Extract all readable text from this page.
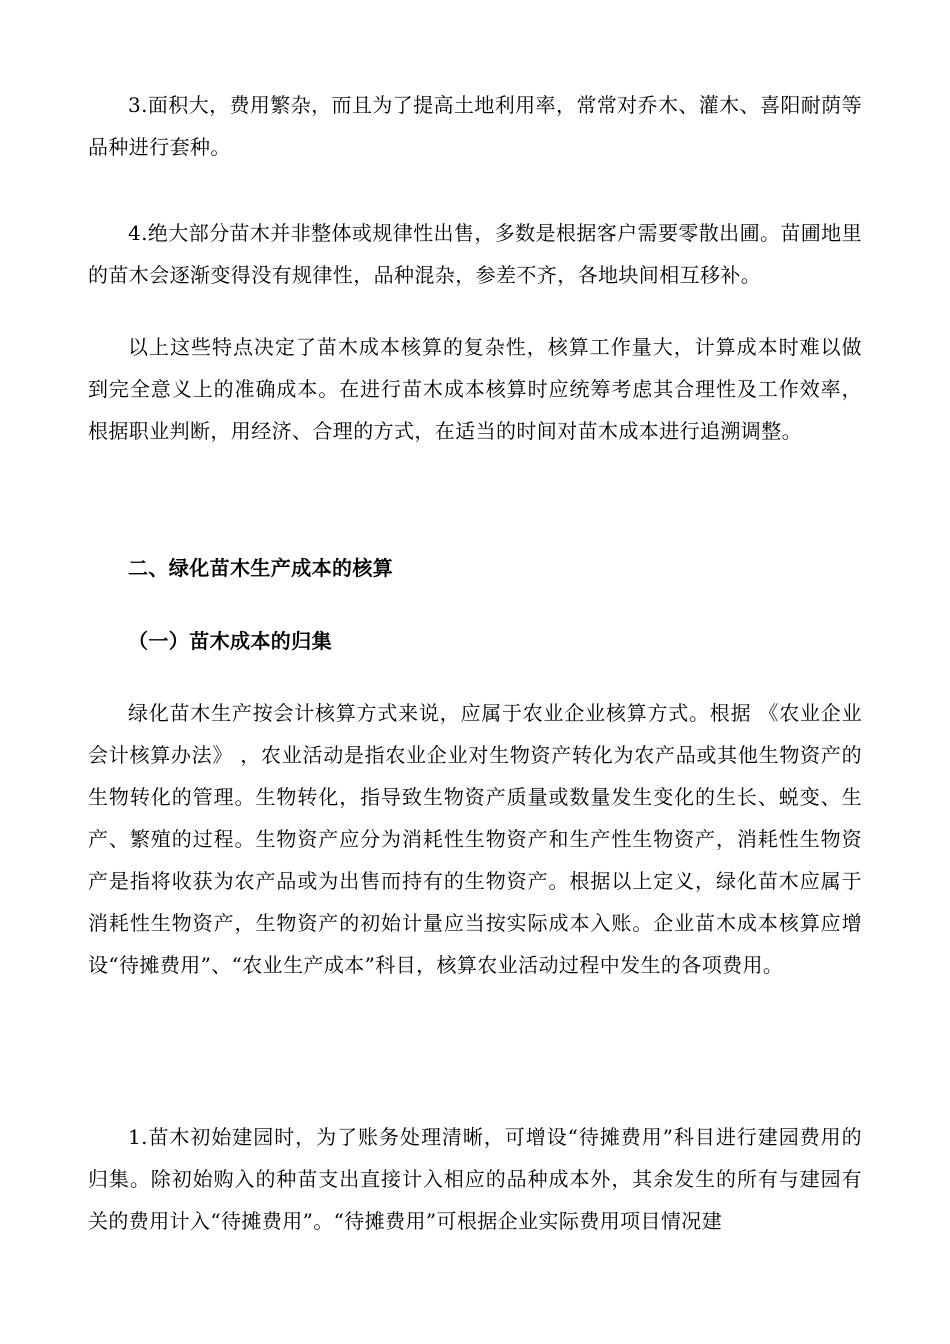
3.面积大，费用繁杂，而且为了提高土地利用率，常常对乔木、灌木、喜阳耐荫等品种进行套种。

4.绝大部分苗木并非整体或规律性出售，多数是根据客户需要零散出圃。苗圃地里的苗木会逐渐变得没有规律性，品种混杂，参差不齐，各地块间相互移补。

以上这些特点决定了苗木成本核算的复杂性，核算工作量大，计算成本时难以做到完全意义上的准确成本。在进行苗木成本核算时应统筹考虑其合理性及工作效率，根据职业判断，用经济、合理的方式，在适当的时间对苗木成本进行追溯调整。

二、绿化苗木生产成本的核算
（一）苗木成本的归集

绿化苗木生产按会计核算方式来说，应属于农业企业核算方式。根据 《农业企业会计核算办法》 ，农业活动是指农业企业对生物资产转化为农产品或其他生物资产的生物转化的管理。生物转化，指导致生物资产质量或数量发生变化的生长、蜕变、生产、繁殖的过程。生物资产应分为消耗性生物资产和生产性生物资产，消耗性生物资产是指将收获为农产品或为出售而持有的生物资产。根据以上定义，绿化苗木应属于消耗性生物资产，生物资产的初始计量应当按实际成本入账。企业苗木成本核算应增设“待摊费用”、“农业生产成本”科目，核算农业活动过程中发生的各项费用。

1.苗木初始建园时，为了账务处理清晰，可增设“待摊费用”科目进行建园费用的归集。除初始购入的种苗支出直接计入相应的品种成本外，其余发生的所有与建园有关的费用计入“待摊费用”。“待摊费用”可根据企业实际费用项目情况建
